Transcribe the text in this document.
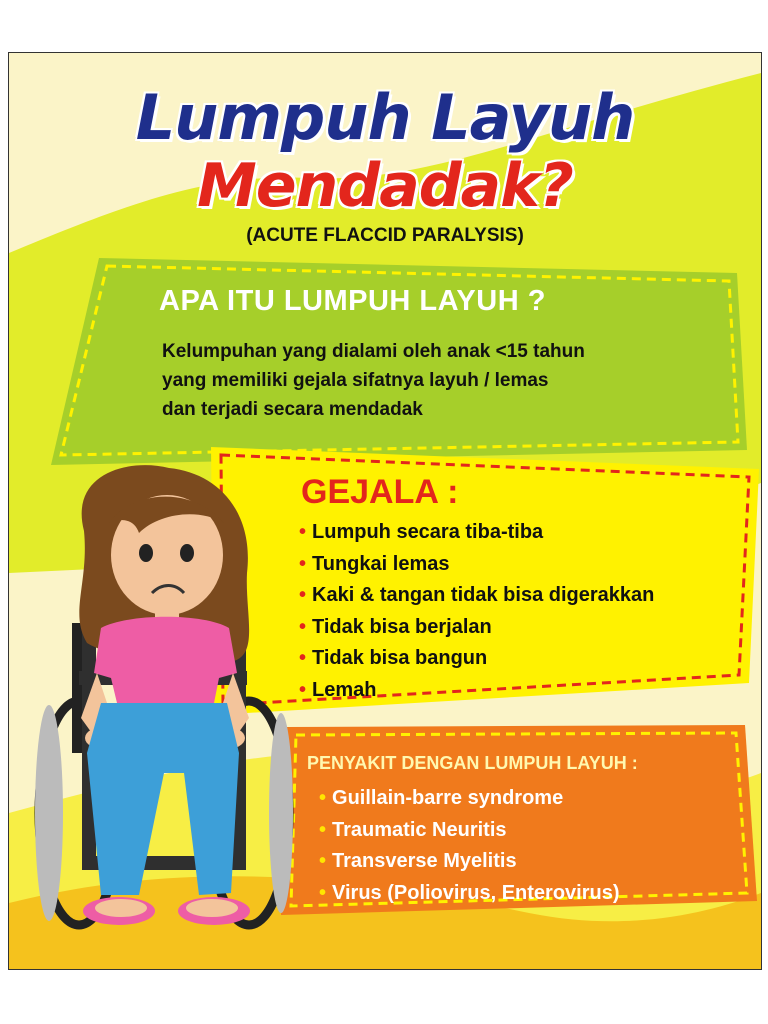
Lumpuh Layuh
Mendadak?
(ACUTE FLACCID PARALYSIS)
APA ITU LUMPUH LAYUH ?
Kelumpuhan yang dialami oleh anak <15 tahun
yang memiliki gejala sifatnya layuh / lemas
dan terjadi secara mendadak
GEJALA :
• Lumpuh secara tiba-tiba
• Tungkai lemas
• Kaki & tangan tidak bisa digerakkan
• Tidak bisa berjalan
• Tidak bisa bangun
• Lemah
PENYAKIT DENGAN LUMPUH LAYUH :
• Guillain-barre syndrome
• Traumatic Neuritis
• Transverse Myelitis
• Virus (Poliovirus, Enterovirus)
